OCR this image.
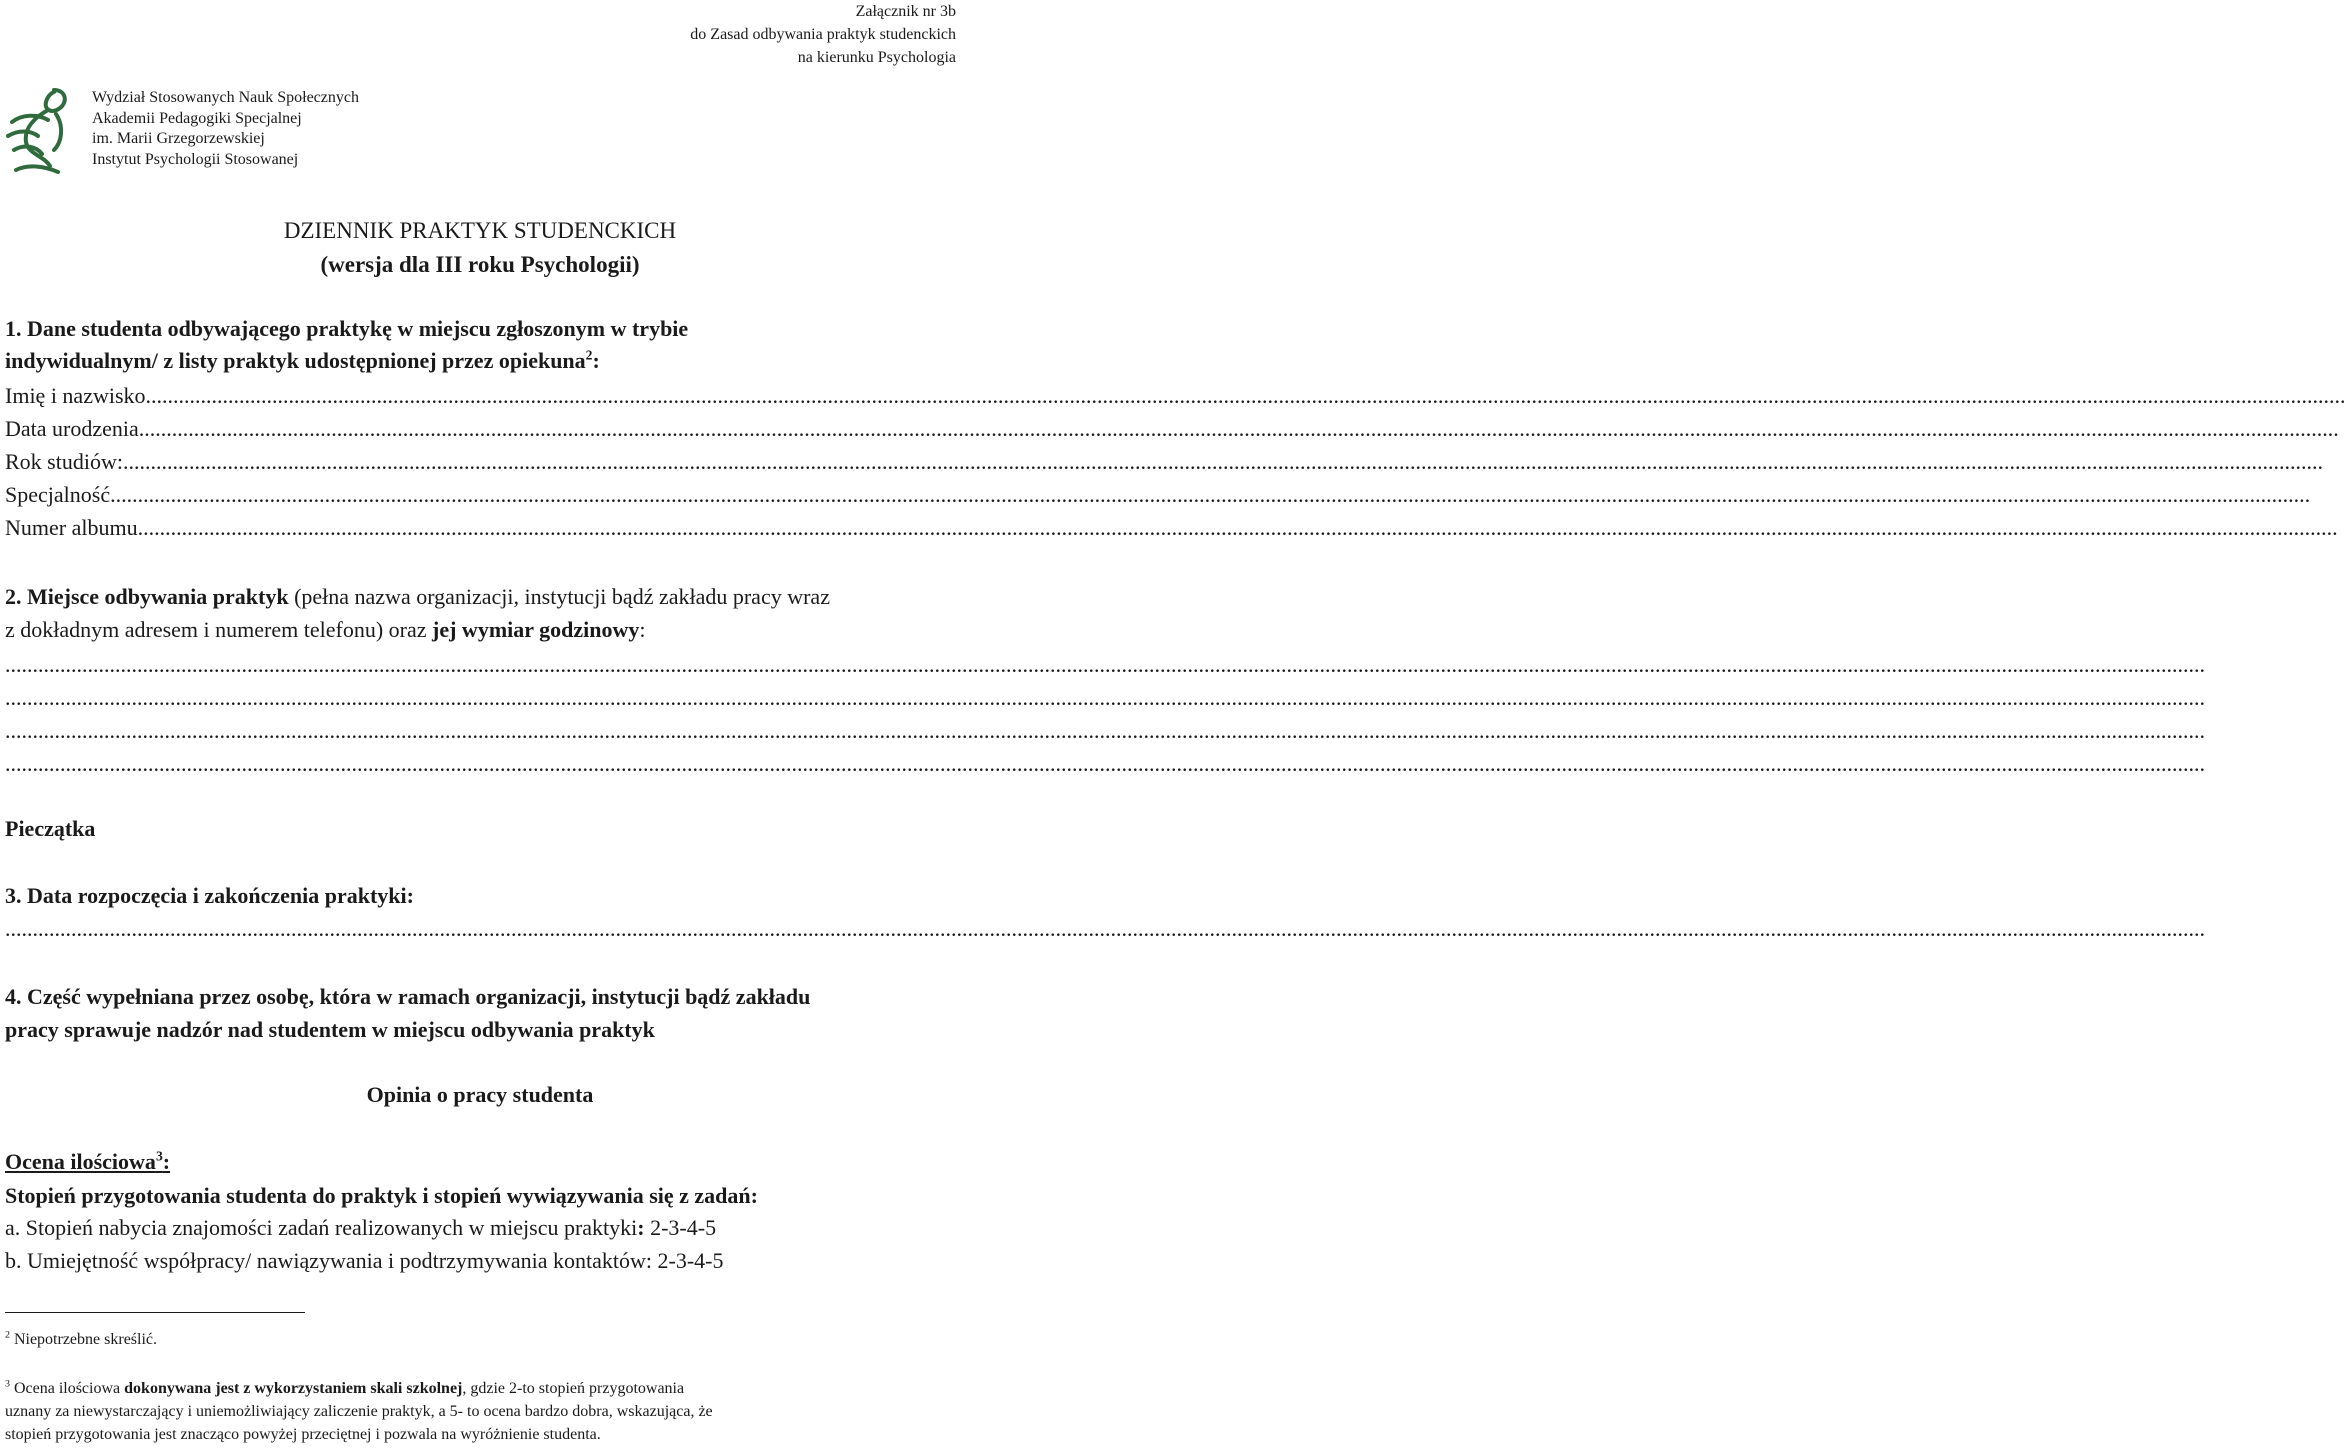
Załącznik nr 3b
do Zasad odbywania praktyk studenckich
na kierunku Psychologia
Wydział Stosowanych Nauk Społecznych
Akademii Pedagogiki Specjalnej
im. Marii Grzegorzewskiej
Instytut Psychologii Stosowanej
DZIENNIK PRAKTYK STUDENCKICH
(wersja dla III roku Psychologii)
1. Dane studenta odbywającego praktykę w miejscu zgłoszonym w trybie
indywidualnym/ z listy praktyk udostępnionej przez opiekuna$^2$:
Imię i nazwisko................................................................................................................................................................................................................................................................................................................................................................................................................
Data urodzenia................................................................................................................................................................................................................................................................................................................................................................................................................
Rok studiów:................................................................................................................................................................................................................................................................................................................................................................................................................
Specjalność................................................................................................................................................................................................................................................................................................................................................................................................................
Numer albumu................................................................................................................................................................................................................................................................................................................................................................................................................
2. Miejsce odbywania praktyk (pełna nazwa organizacji, instytucji bądź zakładu pracy wraz
z dokładnym adresem i numerem telefonu) oraz jej wymiar godzinowy:
................................................................................................................................................................................................................................................................................................................................................................................................................
................................................................................................................................................................................................................................................................................................................................................................................................................
................................................................................................................................................................................................................................................................................................................................................................................................................
................................................................................................................................................................................................................................................................................................................................................................................................................
Pieczątka
3. Data rozpoczęcia i zakończenia praktyki:
................................................................................................................................................................................................................................................................................................................................................................................................................
4. Część wypełniana przez osobę, która w ramach organizacji, instytucji bądź zakładu
pracy sprawuje nadzór nad studentem w miejscu odbywania praktyk
Opinia o pracy studenta
Ocena ilościowa$^3$:
Stopień przygotowania studenta do praktyk i stopień wywiązywania się z zadań:
a. Stopień nabycia znajomości zadań realizowanych w miejscu praktyki: 2-3-4-5
b. Umiejętność współpracy/ nawiązywania i podtrzymywania kontaktów: 2-3-4-5
$^2$ Niepotrzebne skreślić.
$^3$ Ocena ilościowa dokonywana jest z wykorzystaniem skali szkolnej, gdzie 2-to stopień przygotowania
uznany za niewystarczający i uniemożliwiający zaliczenie praktyk, a 5- to ocena bardzo dobra, wskazująca, że
stopień przygotowania jest znacząco powyżej przeciętnej i pozwala na wyróżnienie studenta.
